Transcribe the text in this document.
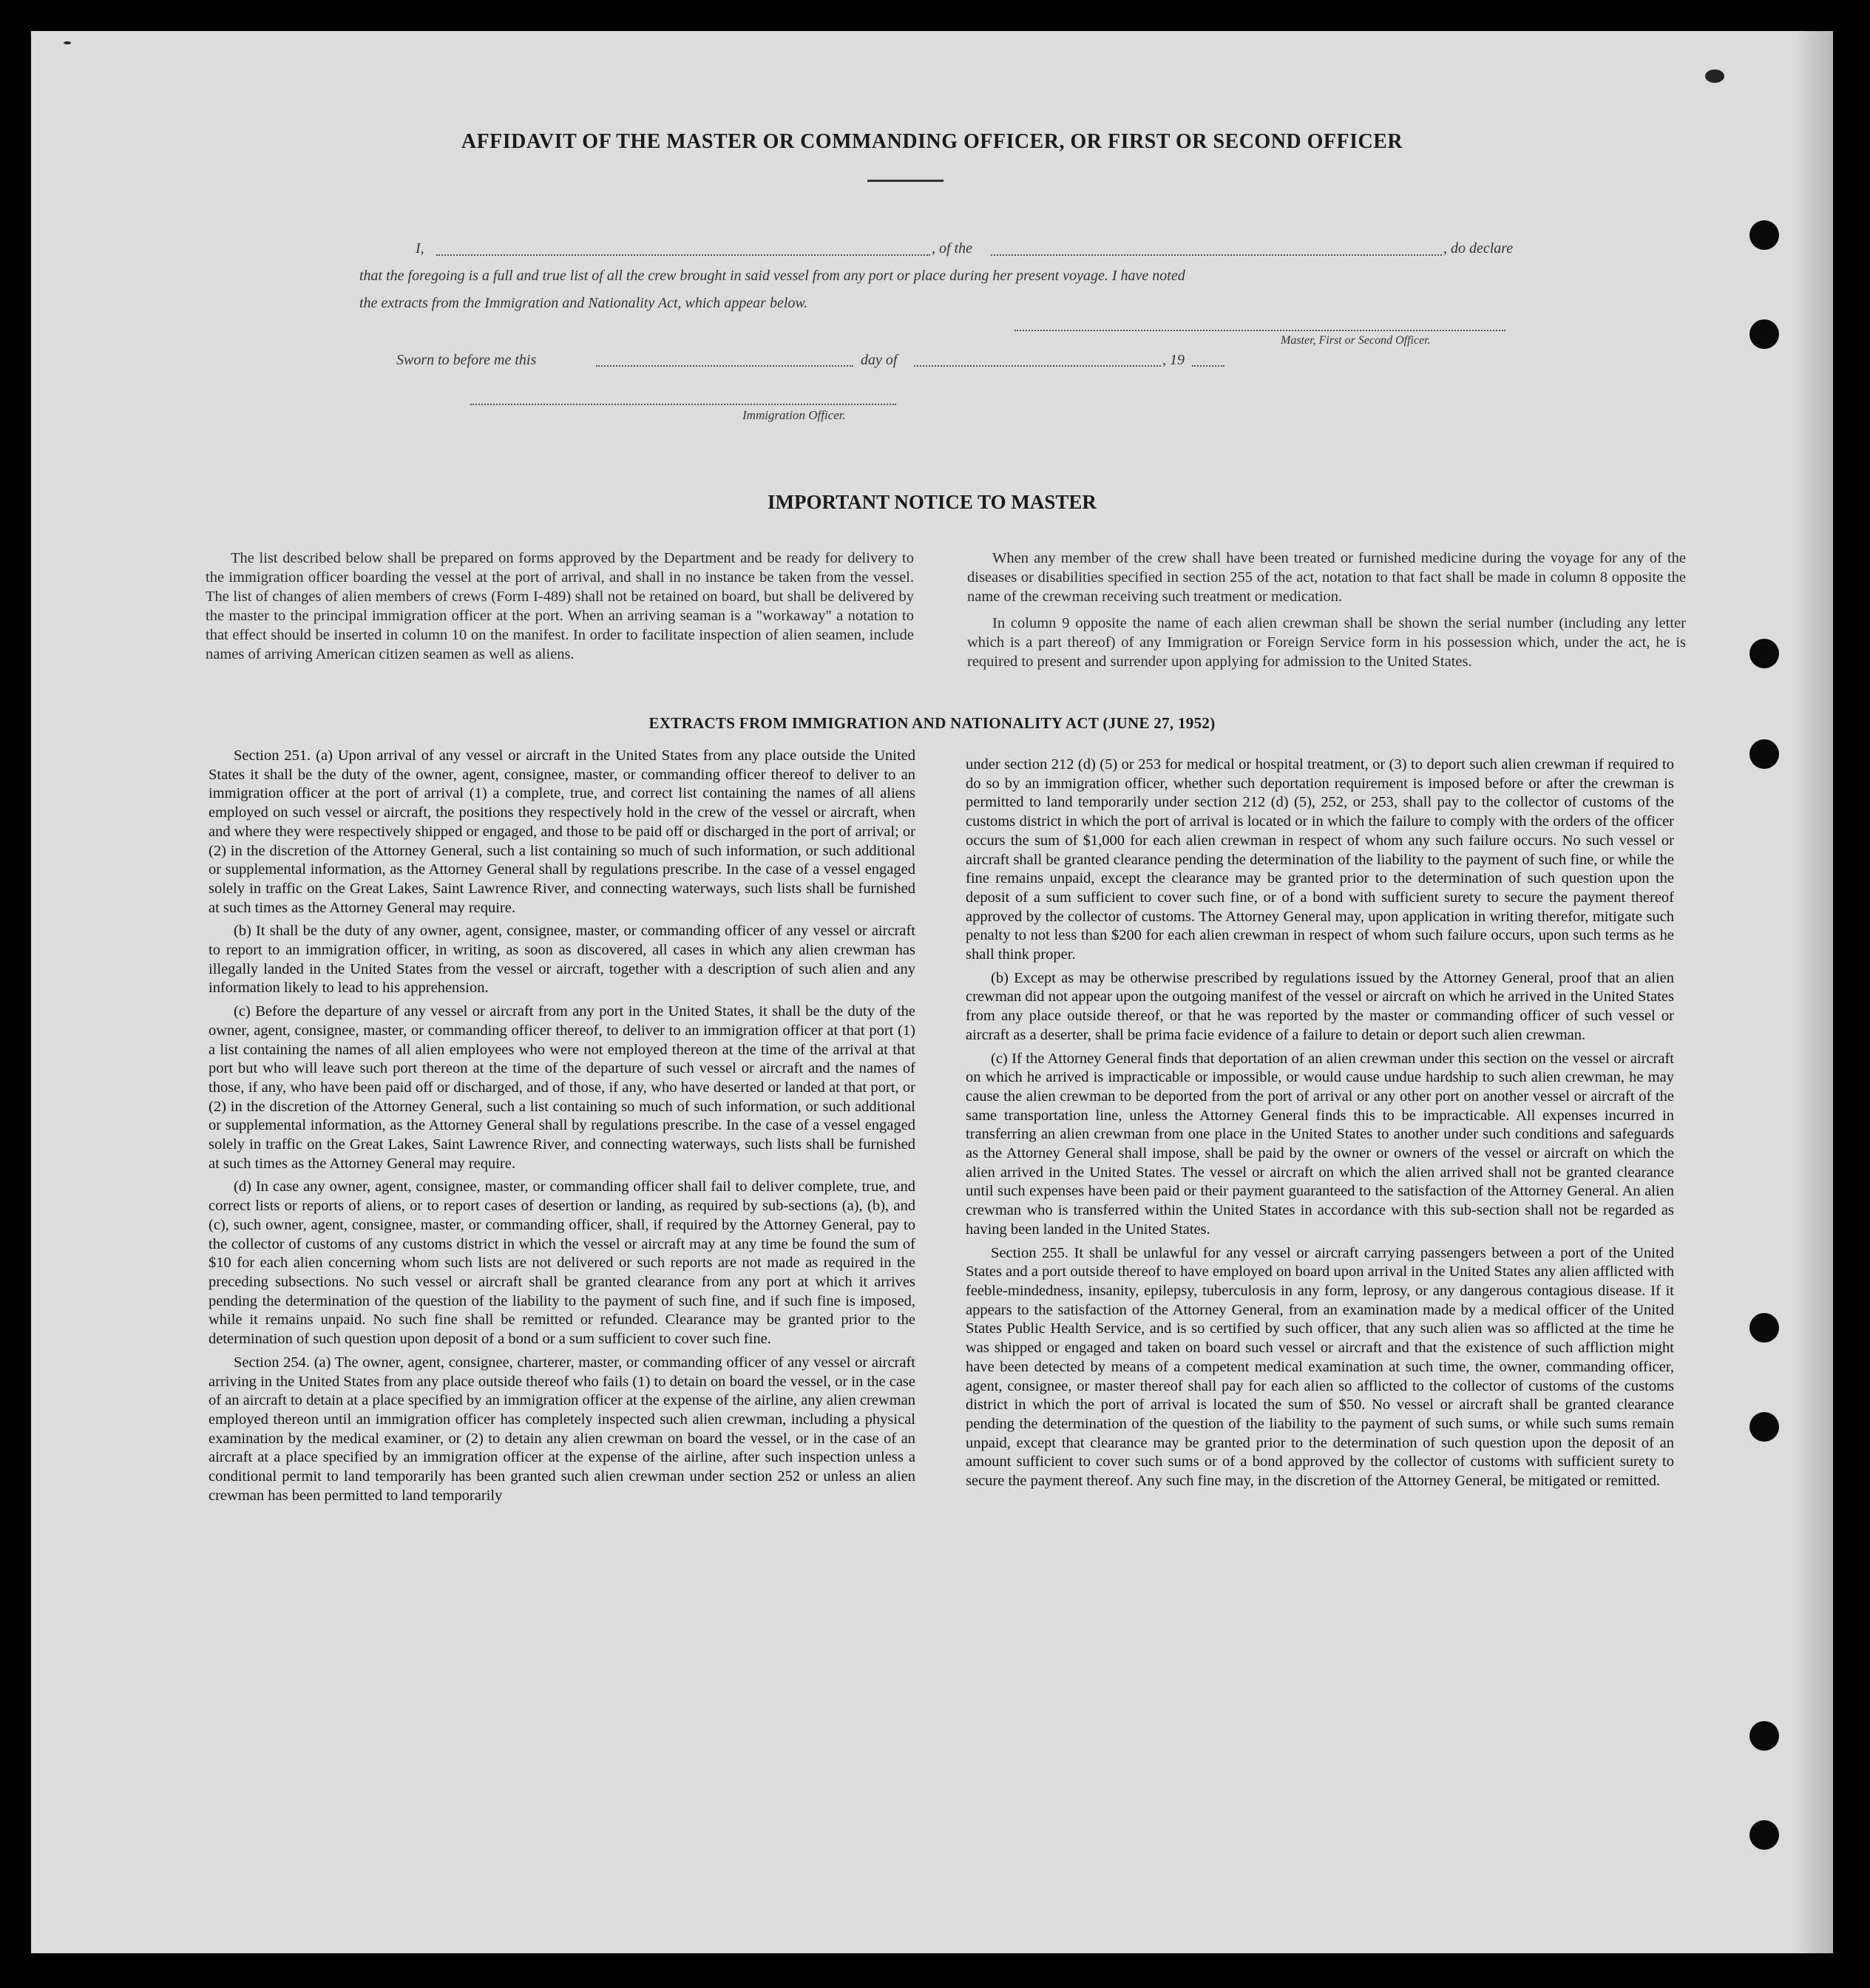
AFFIDAVIT OF THE MASTER OR COMMANDING OFFICER, OR FIRST OR SECOND OFFICER
I,	, of the	, do declare
that the foregoing is a full and true list of all the crew brought in said vessel from any port or place during her present voyage. I have noted
the extracts from the Immigration and Nationality Act, which appear below.
Master, First or Second Officer.
Sworn to before me this	day of	, 19
Immigration Officer.
IMPORTANT NOTICE TO MASTER

The list described below shall be prepared on forms approved by the Department and be ready for delivery to the immigration officer boarding the vessel at the port of arrival, and shall in no instance be taken from the vessel. The list of changes of alien members of crews (Form I-489) shall not be retained on board, but shall be delivered by the master to the principal immigration officer at the port. When an arriving seaman is a "workaway" a notation to that effect should be inserted in column 10 on the manifest. In order to facilitate inspection of alien seamen, include names of arriving American citizen seamen as well as aliens.

When any member of the crew shall have been treated or furnished medicine during the voyage for any of the diseases or disabilities specified in section 255 of the act, notation to that fact shall be made in column 8 opposite the name of the crewman receiving such treatment or medication.

In column 9 opposite the name of each alien crewman shall be shown the serial number (including any letter which is a part thereof) of any Immigration or Foreign Service form in his possession which, under the act, he is required to present and surrender upon applying for admission to the United States.

EXTRACTS FROM IMMIGRATION AND NATIONALITY ACT (JUNE 27, 1952)

Section 251. (a) Upon arrival of any vessel or aircraft in the United States from any place outside the United States it shall be the duty of the owner, agent, consignee, master, or commanding officer thereof to deliver to an immigration officer at the port of arrival (1) a complete, true, and correct list containing the names of all aliens employed on such vessel or aircraft, the positions they respectively hold in the crew of the vessel or aircraft, when and where they were respectively shipped or engaged, and those to be paid off or discharged in the port of arrival; or (2) in the discretion of the Attorney General, such a list containing so much of such information, or such additional or supplemental information, as the Attorney General shall by regulations prescribe. In the case of a vessel engaged solely in traffic on the Great Lakes, Saint Lawrence River, and connecting waterways, such lists shall be furnished at such times as the Attorney General may require.

(b) It shall be the duty of any owner, agent, consignee, master, or commanding officer of any vessel or aircraft to report to an immigration officer, in writing, as soon as discovered, all cases in which any alien crewman has illegally landed in the United States from the vessel or aircraft, together with a description of such alien and any information likely to lead to his apprehension.

(c) Before the departure of any vessel or aircraft from any port in the United States, it shall be the duty of the owner, agent, consignee, master, or commanding officer thereof, to deliver to an immigration officer at that port (1) a list containing the names of all alien employees who were not employed thereon at the time of the arrival at that port but who will leave such port thereon at the time of the departure of such vessel or aircraft and the names of those, if any, who have been paid off or discharged, and of those, if any, who have deserted or landed at that port, or (2) in the discretion of the Attorney General, such a list containing so much of such information, or such additional or supplemental information, as the Attorney General shall by regulations prescribe. In the case of a vessel engaged solely in traffic on the Great Lakes, Saint Lawrence River, and connecting waterways, such lists shall be furnished at such times as the Attorney General may require.

(d) In case any owner, agent, consignee, master, or commanding officer shall fail to deliver complete, true, and correct lists or reports of aliens, or to report cases of desertion or landing, as required by sub-sections (a), (b), and (c), such owner, agent, consignee, master, or commanding officer, shall, if required by the Attorney General, pay to the collector of customs of any customs district in which the vessel or aircraft may at any time be found the sum of $10 for each alien concerning whom such lists are not delivered or such reports are not made as required in the preceding subsections. No such vessel or aircraft shall be granted clearance from any port at which it arrives pending the determination of the question of the liability to the payment of such fine, and if such fine is imposed, while it remains unpaid. No such fine shall be remitted or refunded. Clearance may be granted prior to the determination of such question upon deposit of a bond or a sum sufficient to cover such fine.

Section 254. (a) The owner, agent, consignee, charterer, master, or commanding officer of any vessel or aircraft arriving in the United States from any place outside thereof who fails (1) to detain on board the vessel, or in the case of an aircraft to detain at a place specified by an immigration officer at the expense of the airline, any alien crewman employed thereon until an immigration officer has completely inspected such alien crewman, including a physical examination by the medical examiner, or (2) to detain any alien crewman on board the vessel, or in the case of an aircraft at a place specified by an immigration officer at the expense of the airline, after such inspection unless a conditional permit to land temporarily has been granted such alien crewman under section 252 or unless an alien crewman has been permitted to land temporarily

under section 212 (d) (5) or 253 for medical or hospital treatment, or (3) to deport such alien crewman if required to do so by an immigration officer, whether such deportation requirement is imposed before or after the crewman is permitted to land temporarily under section 212 (d) (5), 252, or 253, shall pay to the collector of customs of the customs district in which the port of arrival is located or in which the failure to comply with the orders of the officer occurs the sum of $1,000 for each alien crewman in respect of whom any such failure occurs. No such vessel or aircraft shall be granted clearance pending the determination of the liability to the payment of such fine, or while the fine remains unpaid, except the clearance may be granted prior to the determination of such question upon the deposit of a sum sufficient to cover such fine, or of a bond with sufficient surety to secure the payment thereof approved by the collector of customs. The Attorney General may, upon application in writing therefor, mitigate such penalty to not less than $200 for each alien crewman in respect of whom such failure occurs, upon such terms as he shall think proper.

(b) Except as may be otherwise prescribed by regulations issued by the Attorney General, proof that an alien crewman did not appear upon the outgoing manifest of the vessel or aircraft on which he arrived in the United States from any place outside thereof, or that he was reported by the master or commanding officer of such vessel or aircraft as a deserter, shall be prima facie evidence of a failure to detain or deport such alien crewman.

(c) If the Attorney General finds that deportation of an alien crewman under this section on the vessel or aircraft on which he arrived is impracticable or impossible, or would cause undue hardship to such alien crewman, he may cause the alien crewman to be deported from the port of arrival or any other port on another vessel or aircraft of the same transportation line, unless the Attorney General finds this to be impracticable. All expenses incurred in transferring an alien crewman from one place in the United States to another under such conditions and safeguards as the Attorney General shall impose, shall be paid by the owner or owners of the vessel or aircraft on which the alien arrived in the United States. The vessel or aircraft on which the alien arrived shall not be granted clearance until such expenses have been paid or their payment guaranteed to the satisfaction of the Attorney General. An alien crewman who is transferred within the United States in accordance with this sub-section shall not be regarded as having been landed in the United States.

Section 255. It shall be unlawful for any vessel or aircraft carrying passengers between a port of the United States and a port outside thereof to have employed on board upon arrival in the United States any alien afflicted with feeble-mindedness, insanity, epilepsy, tuberculosis in any form, leprosy, or any dangerous contagious disease. If it appears to the satisfaction of the Attorney General, from an examination made by a medical officer of the United States Public Health Service, and is so certified by such officer, that any such alien was so afflicted at the time he was shipped or engaged and taken on board such vessel or aircraft and that the existence of such affliction might have been detected by means of a competent medical examination at such time, the owner, commanding officer, agent, consignee, or master thereof shall pay for each alien so afflicted to the collector of customs of the customs district in which the port of arrival is located the sum of $50. No vessel or aircraft shall be granted clearance pending the determination of the question of the liability to the payment of such sums, or while such sums remain unpaid, except that clearance may be granted prior to the determination of such question upon the deposit of an amount sufficient to cover such sums or of a bond approved by the collector of customs with sufficient surety to secure the payment thereof. Any such fine may, in the discretion of the Attorney General, be mitigated or remitted.
